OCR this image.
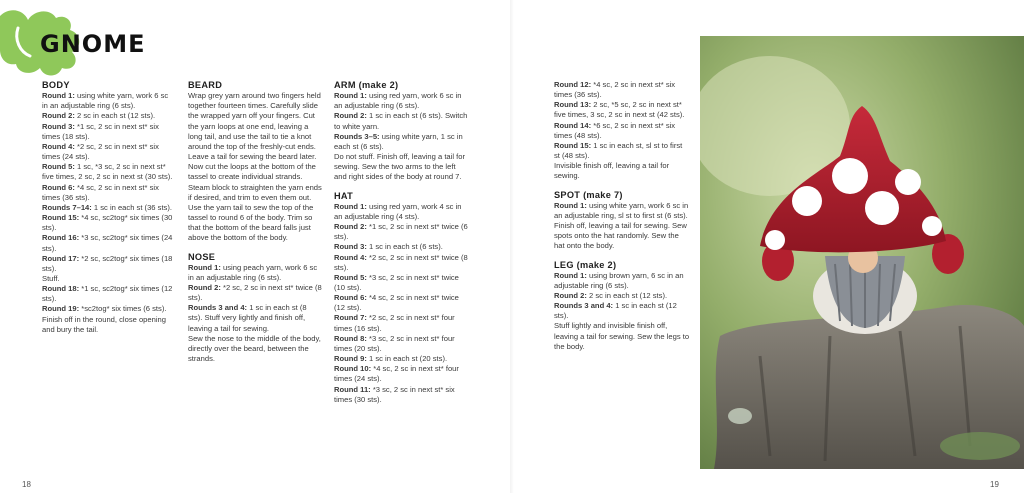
GNOME
BODY

Round 1: using white yarn, work 6 sc in an adjustable ring (6 sts).

Round 2: 2 sc in each st (12 sts).

Round 3: *1 sc, 2 sc in next st* six times (18 sts).

Round 4: *2 sc, 2 sc in next st* six times (24 sts).

Round 5: 1 sc, *3 sc, 2 sc in next st* five times, 2 sc, 2 sc in next st (30 sts).

Round 6: *4 sc, 2 sc in next st* six times (36 sts).

Rounds 7–14: 1 sc in each st (36 sts).

Round 15: *4 sc, sc2tog* six times (30 sts).

Round 16: *3 sc, sc2tog* six times (24 sts).

Round 17: *2 sc, sc2tog* six times (18 sts).

Stuff.

Round 18: *1 sc, sc2tog* six times (12 sts).

Round 19: *sc2tog* six times (6 sts).

Finish off in the round, close opening and bury the tail.

BEARD

Wrap grey yarn around two fingers held together fourteen times. Carefully slide the wrapped yarn off your fingers. Cut the yarn loops at one end, leaving a long tail, and use the tail to tie a knot around the top of the freshly-cut ends. Leave a tail for sewing the beard later. Now cut the loops at the bottom of the tassel to create individual strands. Steam block to straighten the yarn ends if desired, and trim to even them out. Use the yarn tail to sew the top of the tassel to round 6 of the body. Trim so that the bottom of the beard falls just above the bottom of the body.

NOSE

Round 1: using peach yarn, work 6 sc in an adjustable ring (6 sts).

Round 2: *2 sc, 2 sc in next st* twice (8 sts).

Rounds 3 and 4: 1 sc in each st (8 sts). Stuff very lightly and finish off, leaving a tail for sewing.

Sew the nose to the middle of the body, directly over the beard, between the strands.

ARM (make 2)

Round 1: using red yarn, work 6 sc in an adjustable ring (6 sts).

Round 2: 1 sc in each st (6 sts). Switch to white yarn.

Rounds 3–5: using white yarn, 1 sc in each st (6 sts).

Do not stuff. Finish off, leaving a tail for sewing. Sew the two arms to the left and right sides of the body at round 7.

HAT

Round 1: using red yarn, work 4 sc in an adjustable ring (4 sts).

Round 2: *1 sc, 2 sc in next st* twice (6 sts).

Round 3: 1 sc in each st (6 sts).

Round 4: *2 sc, 2 sc in next st* twice (8 sts).

Round 5: *3 sc, 2 sc in next st* twice (10 sts).

Round 6: *4 sc, 2 sc in next st* twice (12 sts).

Round 7: *2 sc, 2 sc in next st* four times (16 sts).

Round 8: *3 sc, 2 sc in next st* four times (20 sts).

Round 9: 1 sc in each st (20 sts).

Round 10: *4 sc, 2 sc in next st* four times (24 sts).

Round 11: *3 sc, 2 sc in next st* six times (30 sts).

Round 12: *4 sc, 2 sc in next st* six times (36 sts).

Round 13: 2 sc, *5 sc, 2 sc in next st* five times, 3 sc, 2 sc in next st (42 sts).

Round 14: *6 sc, 2 sc in next st* six times (48 sts).

Round 15: 1 sc in each st, sl st to first st (48 sts).

Invisible finish off, leaving a tail for sewing.

SPOT (make 7)

Round 1: using white yarn, work 6 sc in an adjustable ring, sl st to first st (6 sts).

Finish off, leaving a tail for sewing. Sew spots onto the hat randomly. Sew the hat onto the body.

LEG (make 2)

Round 1: using brown yarn, 6 sc in an adjustable ring (6 sts).

Round 2: 2 sc in each st (12 sts).

Rounds 3 and 4: 1 sc in each st (12 sts).

Stuff lightly and invisible finish off, leaving a tail for sewing. Sew the legs to the body.

18	19
